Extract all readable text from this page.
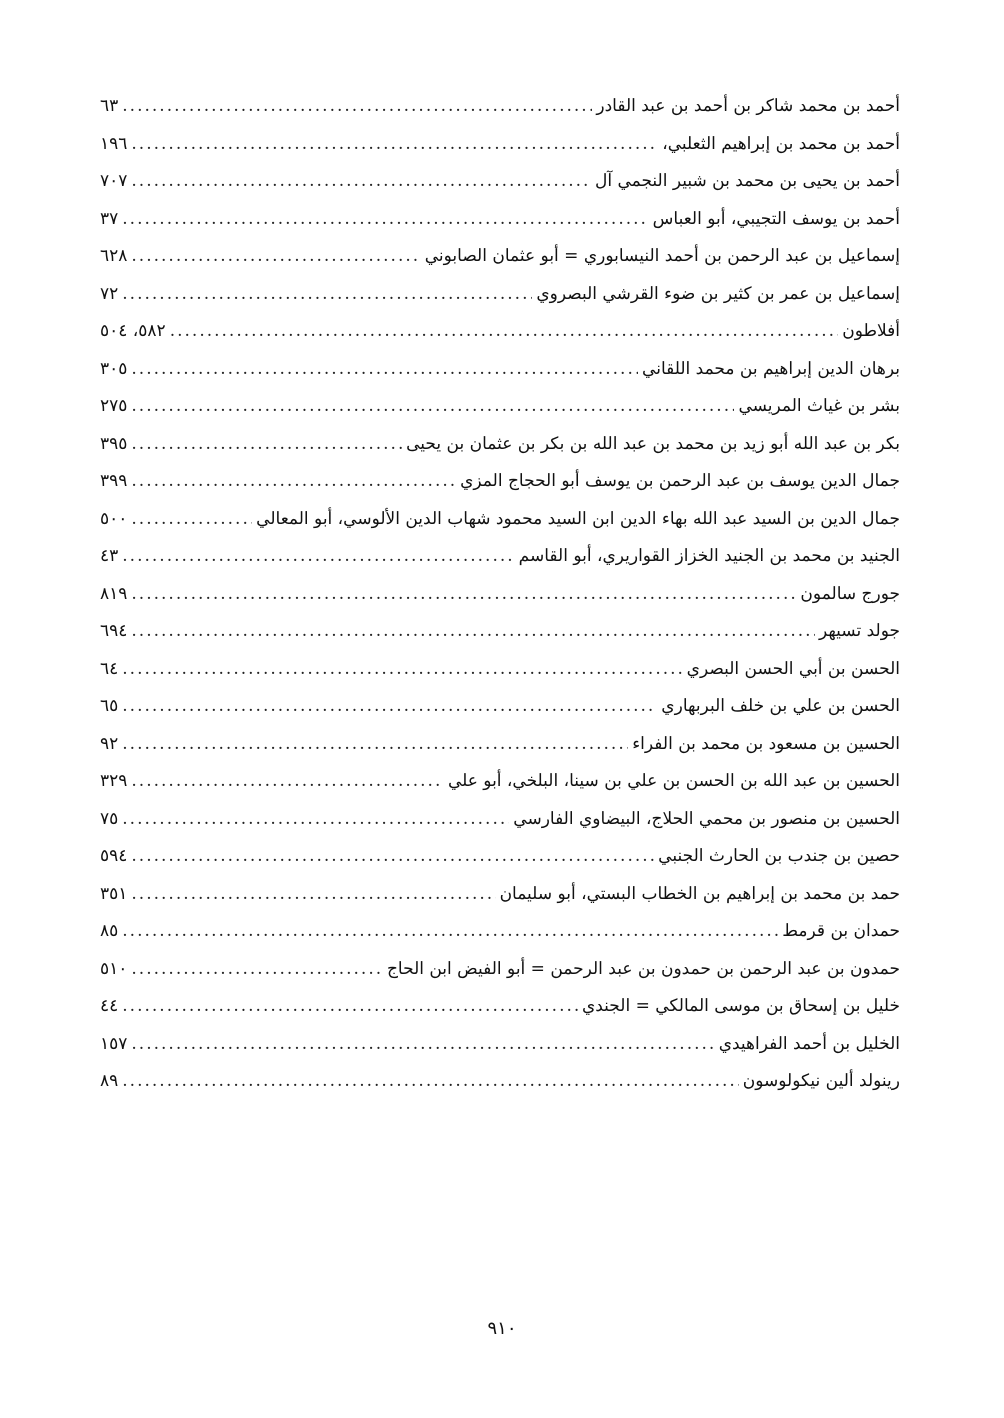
أحمد بن محمد شاكر بن أحمد بن عبد القادر
.....
٦٣
أحمد بن محمد بن إبراهيم الثعلبي،
.....
١٩٦
أحمد بن يحيى بن محمد بن شبير النجمي آل
.....
٧٠٧
أحمد بن يوسف التجيبي، أبو العباس
.....
٣٧
إسماعيل بن عبد الرحمن بن أحمد النيسابوري = أبو عثمان الصابوني
.....
٦٢٨
إسماعيل بن عمر بن كثير بن ضوء القرشي البصروي
.....
٧٢
أفلاطون
.....
٥٨٢، ٥٠٤
برهان الدين إبراهيم بن محمد اللقاني
.....
٣٠٥
بشر بن غياث المريسي
.....
٢٧٥
بكر بن عبد الله أبو زيد بن محمد بن عبد الله بن بكر بن عثمان بن يحيى
.....
٣٩٥
جمال الدين يوسف بن عبد الرحمن بن يوسف أبو الحجاج المزي
.....
٣٩٩
جمال الدين بن السيد عبد الله بهاء الدين ابن السيد محمود شهاب الدين الألوسي، أبو المعالي
.....
٥٠٠
الجنيد بن محمد بن الجنيد الخزاز القواريري، أبو القاسم
.....
٤٣
جورج سالمون
.....
٨١٩
جولد تسيهر
.....
٦٩٤
الحسن بن أبي الحسن البصري
.....
٦٤
الحسن بن علي بن خلف البربهاري
.....
٦٥
الحسين بن مسعود بن محمد بن الفراء
.....
٩٢
الحسين بن عبد الله بن الحسن بن علي بن سينا، البلخي، أبو علي
.....
٣٢٩
الحسين بن منصور بن محمي الحلاج، البيضاوي الفارسي
.....
٧٥
حصين بن جندب بن الحارث الجنبي
.....
٥٩٤
حمد بن محمد بن إبراهيم بن الخطاب البستي، أبو سليمان
.....
٣٥١
حمدان بن قرمط
.....
٨٥
حمدون بن عبد الرحمن بن حمدون بن عبد الرحمن = أبو الفيض ابن الحاج
.....
٥١٠
خليل بن إسحاق بن موسى المالكي = الجندي
.....
٤٤
الخليل بن أحمد الفراهيدي
.....
١٥٧
رينولد ألين نيكولوسون
.....
٨٩
٩١٠
